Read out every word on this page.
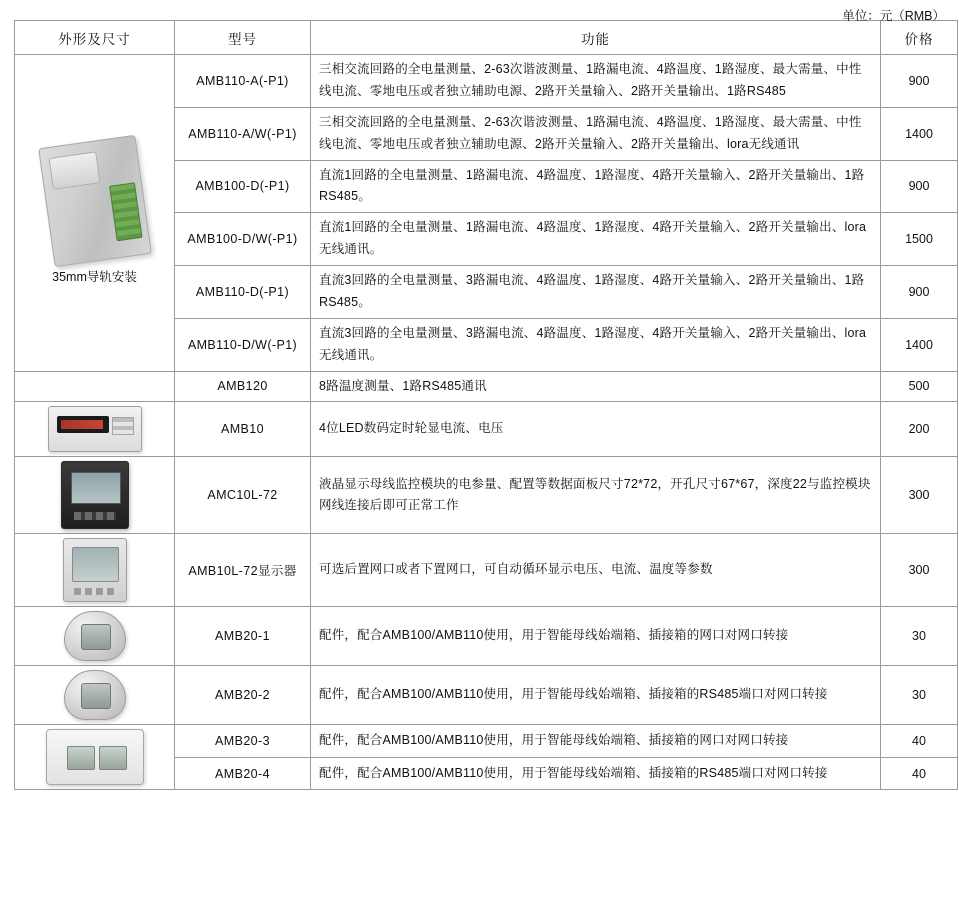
单位：元（RMB）
外形及尺寸	型号	功能	价格

35mm导轨安装	AMB110-A(-P1)	三相交流回路的全电量测量、2-63次谐波测量、1路漏电流、4路温度、1路湿度、最大需量、中性线电流、零地电压或者独立辅助电源、2路开关量输入、2路开关量输出、1路RS485	900
	AMB110-A/W(-P1)	三相交流回路的全电量测量、2-63次谐波测量、1路漏电流、4路温度、1路湿度、最大需量、中性线电流、零地电压或者独立辅助电源、2路开关量输入、2路开关量输出、lora无线通讯	1400
	AMB100-D(-P1)	直流1回路的全电量测量、1路漏电流、4路温度、1路湿度、4路开关量输入、2路开关量输出、1路RS485。	900
	AMB100-D/W(-P1)	直流1回路的全电量测量、1路漏电流、4路温度、1路湿度、4路开关量输入、2路开关量输出、lora无线通讯。	1500
	AMB110-D(-P1)	直流3回路的全电量测量、3路漏电流、4路温度、1路湿度、4路开关量输入、2路开关量输出、1路RS485。	900
	AMB110-D/W(-P1)	直流3回路的全电量测量、3路漏电流、4路温度、1路湿度、4路开关量输入、2路开关量输出、lora无线通讯。	1400
	AMB120	8路温度测量、1路RS485通讯	500

	AMB10	4位LED数码定时轮显电流、电压	200

	AMC10L-72	液晶显示母线监控模块的电参量、配置等数据面板尺寸72*72，开孔尺寸67*67，深度22与监控模块网线连接后即可正常工作	300

	AMB10L-72显示器	可选后置网口或者下置网口，可自动循环显示电压、电流、温度等参数	300

	AMB20-1	配件，配合AMB100/AMB110使用，用于智能母线始端箱、插接箱的网口对网口转接	30

	AMB20-2	配件，配合AMB100/AMB110使用，用于智能母线始端箱、插接箱的RS485端口对网口转接	30

	AMB20-3	配件，配合AMB100/AMB110使用，用于智能母线始端箱、插接箱的网口对网口转接	40
	AMB20-4	配件，配合AMB100/AMB110使用，用于智能母线始端箱、插接箱的RS485端口对网口转接	40
